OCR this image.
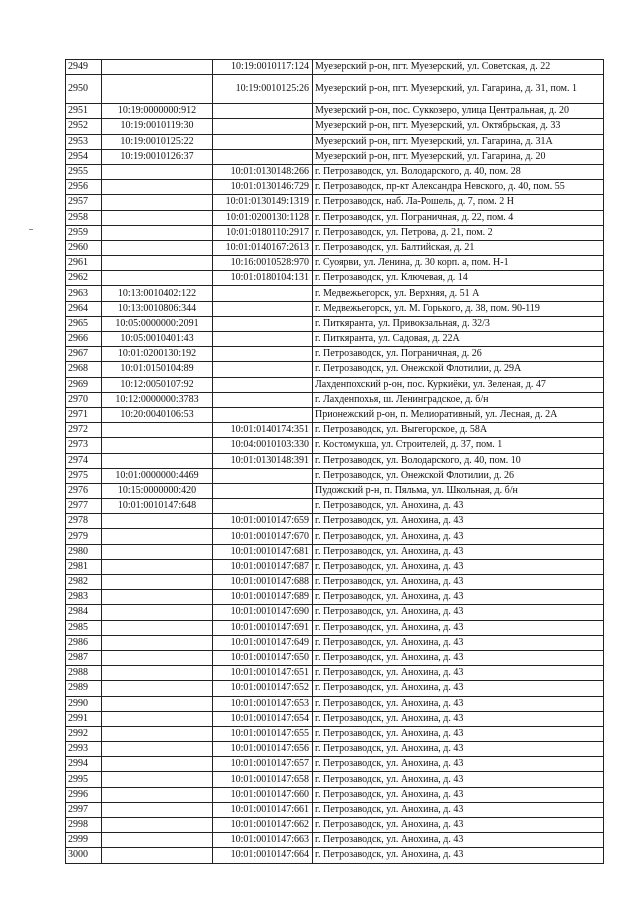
2949		10:19:0010117:124	Муезерский р-он, пгт. Муезерский, ул. Советская, д. 22
2950		10:19:0010125:26	Муезерский р-он, пгт. Муезерский, ул. Гагарина, д. 31, пом. 1
2951	10:19:0000000:912		Муезерский р-он, пос. Суккозеро, улица Центральная, д. 20
2952	10:19:0010119:30		Муезерский р-он, пгт. Муезерский, ул. Октябрьская, д. 33
2953	10:19:0010125:22		Муезерский р-он, пгт. Муезерский, ул. Гагарина, д. 31А
2954	10:19:0010126:37		Муезерский р-он, пгт. Муезерский, ул. Гагарина, д. 20
2955		10:01:0130148:266	г. Петрозаводск, ул. Володарского, д. 40, пом. 28
2956		10:01:0130146:729	г. Петрозаводск, пр-кт Александра Невского, д. 40, пом. 55
2957		10:01:0130149:1319	г. Петрозаводск, наб. Ла-Рошель, д. 7, пом. 2 Н
2958		10:01:0200130:1128	г. Петрозаводск, ул. Пограничная, д. 22, пом. 4
2959		10:01:0180110:2917	г. Петрозаводск, ул. Петрова, д. 21, пом. 2
2960		10:01:0140167:2613	г. Петрозаводск, ул. Балтийская, д. 21
2961		10:16:0010528:970	г. Суоярви, ул. Ленина, д. 30 корп. а, пом. Н-1
2962		10:01:0180104:131	г. Петрозаводск, ул. Ключевая, д. 14
2963	10:13:0010402:122		г. Медвежьегорск, ул. Верхняя, д. 51 А
2964	10:13:0010806:344		г. Медвежьегорск, ул. М. Горького, д. 38, пом. 90-119
2965	10:05:0000000:2091		г. Питкяранта, ул. Привокзальная, д. 32/3
2966	10:05:0010401:43		г. Питкяранта, ул. Садовая, д. 22А
2967	10:01:0200130:192		г. Петрозаводск, ул. Пограничная, д. 26
2968	10:01:0150104:89		г. Петрозаводск, ул. Онежской Флотилии, д. 29А
2969	10:12:0050107:92		Лахденпохский р-он, пос. Куркиёки, ул. Зеленая, д. 47
2970	10:12:0000000:3783		г. Лахденпохья, ш. Ленинградское, д. б/н
2971	10:20:0040106:53		Прионежский р-он, п. Мелиоративный, ул. Лесная, д. 2А
2972		10:01:0140174:351	г. Петрозаводск, ул. Выгегорское, д. 58А
2973		10:04:0010103:330	г. Костомукша, ул. Строителей, д. 37, пом. 1
2974		10:01:0130148:391	г. Петрозаводск, ул. Володарского, д. 40, пом. 10
2975	10:01:0000000:4469		г. Петрозаводск, ул. Онежской Флотилии, д. 26
2976	10:15:0000000:420		Пудожский р-н, п. Пяльма, ул. Школьная, д. б/н
2977	10:01:0010147:648		г. Петрозаводск, ул. Анохина, д. 43
2978		10:01:0010147:659	г. Петрозаводск, ул. Анохина, д. 43
2979		10:01:0010147:670	г. Петрозаводск, ул. Анохина, д. 43
2980		10:01:0010147:681	г. Петрозаводск, ул. Анохина, д. 43
2981		10:01:0010147:687	г. Петрозаводск, ул. Анохина, д. 43
2982		10:01:0010147:688	г. Петрозаводск, ул. Анохина, д. 43
2983		10:01:0010147:689	г. Петрозаводск, ул. Анохина, д. 43
2984		10:01:0010147:690	г. Петрозаводск, ул. Анохина, д. 43
2985		10:01:0010147:691	г. Петрозаводск, ул. Анохина, д. 43
2986		10:01:0010147:649	г. Петрозаводск, ул. Анохина, д. 43
2987		10:01:0010147:650	г. Петрозаводск, ул. Анохина, д. 43
2988		10:01:0010147:651	г. Петрозаводск, ул. Анохина, д. 43
2989		10:01:0010147:652	г. Петрозаводск, ул. Анохина, д. 43
2990		10:01:0010147:653	г. Петрозаводск, ул. Анохина, д. 43
2991		10:01:0010147:654	г. Петрозаводск, ул. Анохина, д. 43
2992		10:01:0010147:655	г. Петрозаводск, ул. Анохина, д. 43
2993		10:01:0010147:656	г. Петрозаводск, ул. Анохина, д. 43
2994		10:01:0010147:657	г. Петрозаводск, ул. Анохина, д. 43
2995		10:01:0010147:658	г. Петрозаводск, ул. Анохина, д. 43
2996		10:01:0010147:660	г. Петрозаводск, ул. Анохина, д. 43
2997		10:01:0010147:661	г. Петрозаводск, ул. Анохина, д. 43
2998		10:01:0010147:662	г. Петрозаводск, ул. Анохина, д. 43
2999		10:01:0010147:663	г. Петрозаводск, ул. Анохина, д. 43
3000		10:01:0010147:664	г. Петрозаводск, ул. Анохина, д. 43
